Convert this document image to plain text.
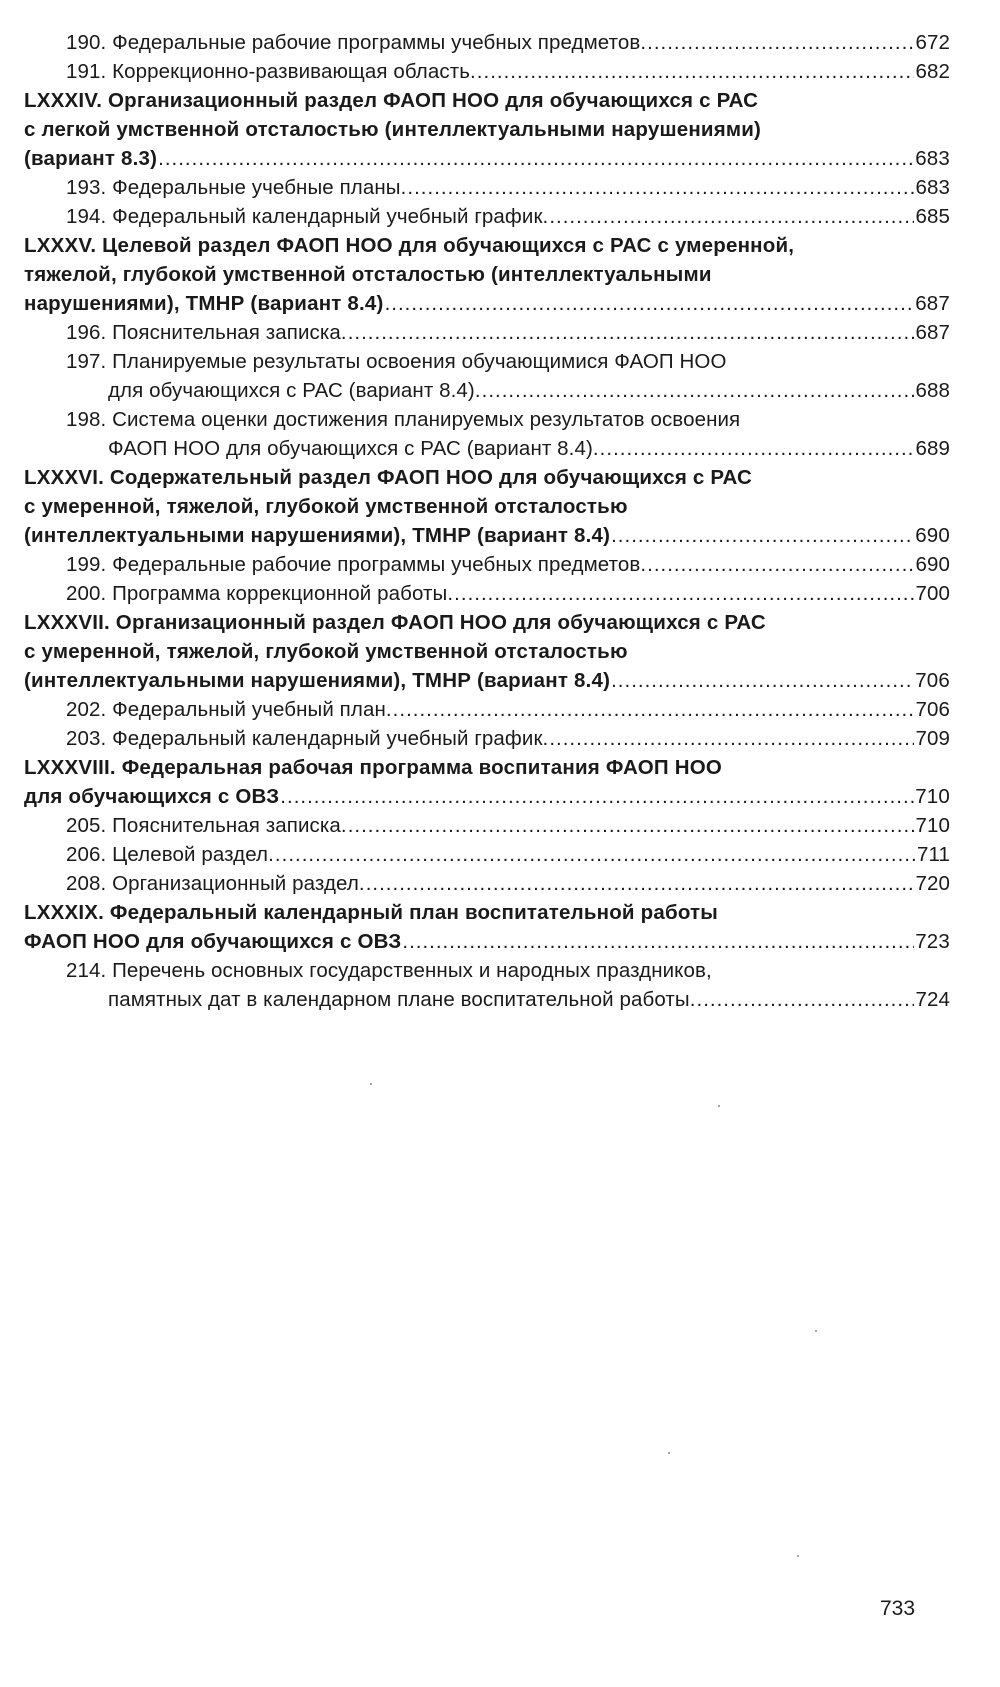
190. Федеральные рабочие программы учебных предметов. .....	672
191. Коррекционно-развивающая область. .....	682
LXXXIV. Организационный раздел ФАОП НОО для обучающихся с РАС
с легкой умственной отсталостью (интеллектуальными нарушениями)
(вариант 8.3) .....	683
193. Федеральные учебные планы. .....	683
194. Федеральный календарный учебный график. .....	685
LXXXV. Целевой раздел ФАОП НОО для обучающихся с РАС с умеренной,
тяжелой, глубокой умственной отсталостью (интеллектуальными
нарушениями), ТМНР (вариант 8.4) .....	687
196. Пояснительная записка. .....	687
197. Планируемые результаты освоения обучающимися ФАОП НОО
для обучающихся с РАС (вариант 8.4). .....	688
198. Система оценки достижения планируемых результатов освоения
ФАОП НОО для обучающихся с РАС (вариант 8.4). .....	689
LXXXVI. Содержательный раздел ФАОП НОО для обучающихся с РАС
с умеренной, тяжелой, глубокой умственной отсталостью
(интеллектуальными нарушениями), ТМНР (вариант 8.4) .....	690
199. Федеральные рабочие программы учебных предметов. .....	690
200. Программа коррекционной работы. .....	700
LXXXVII. Организационный раздел ФАОП НОО для обучающихся с РАС
с умеренной, тяжелой, глубокой умственной отсталостью
(интеллектуальными нарушениями), ТМНР (вариант 8.4) .....	706
202. Федеральный учебный план. .....	706
203. Федеральный календарный учебный график. .....	709
LXXXVIII. Федеральная рабочая программа воспитания ФАОП НОО
для обучающихся с ОВЗ .....	710
205. Пояснительная записка. .....	710
206. Целевой раздел. .....	711
208. Организационный раздел. .....	720
LXXXIX. Федеральный календарный план воспитательной работы
ФАОП НОО для обучающихся с ОВЗ .....	723
214. Перечень основных государственных и народных праздников,
памятных дат в календарном плане воспитательной работы. .....	724
733
